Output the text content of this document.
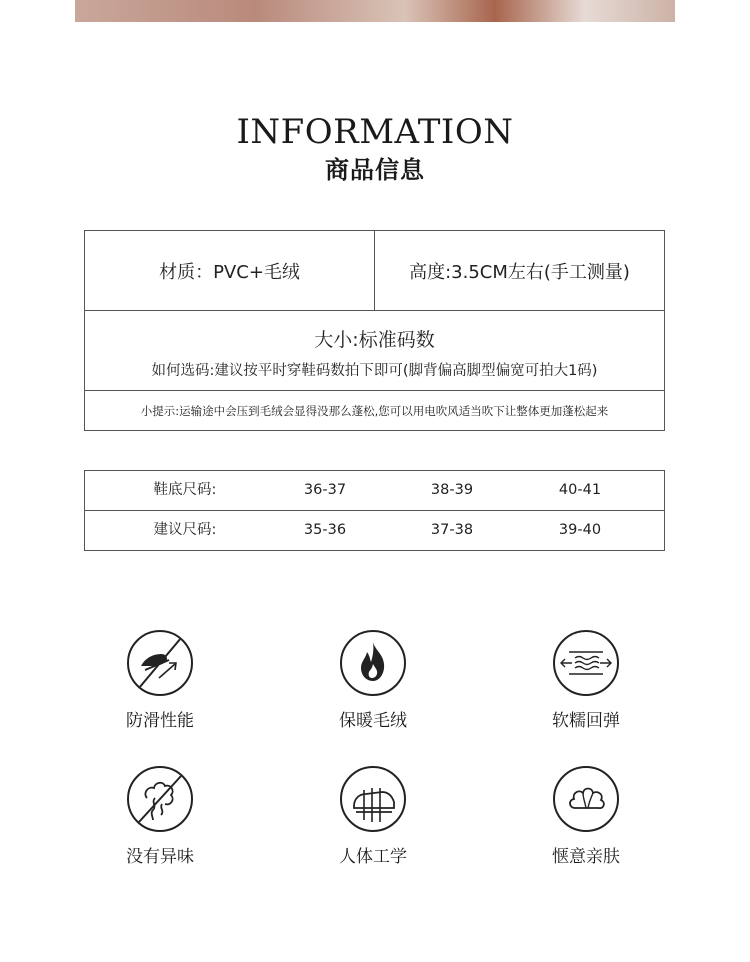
INFORMATION
商品信息
材质：PVC+毛绒	高度:3.5CM左右(手工测量)
大小:标准码数
如何选码:建议按平时穿鞋码数拍下即可(脚背偏高脚型偏宽可拍大1码)
小提示:运输途中会压到毛绒会显得没那么蓬松,您可以用电吹风适当吹下让整体更加蓬松起来
鞋底尺码:	36-37	38-39	40-41
建议尺码:	35-36	37-38	39-40
防滑性能	保暖毛绒	软糯回弹
没有异味	人体工学	惬意亲肤
